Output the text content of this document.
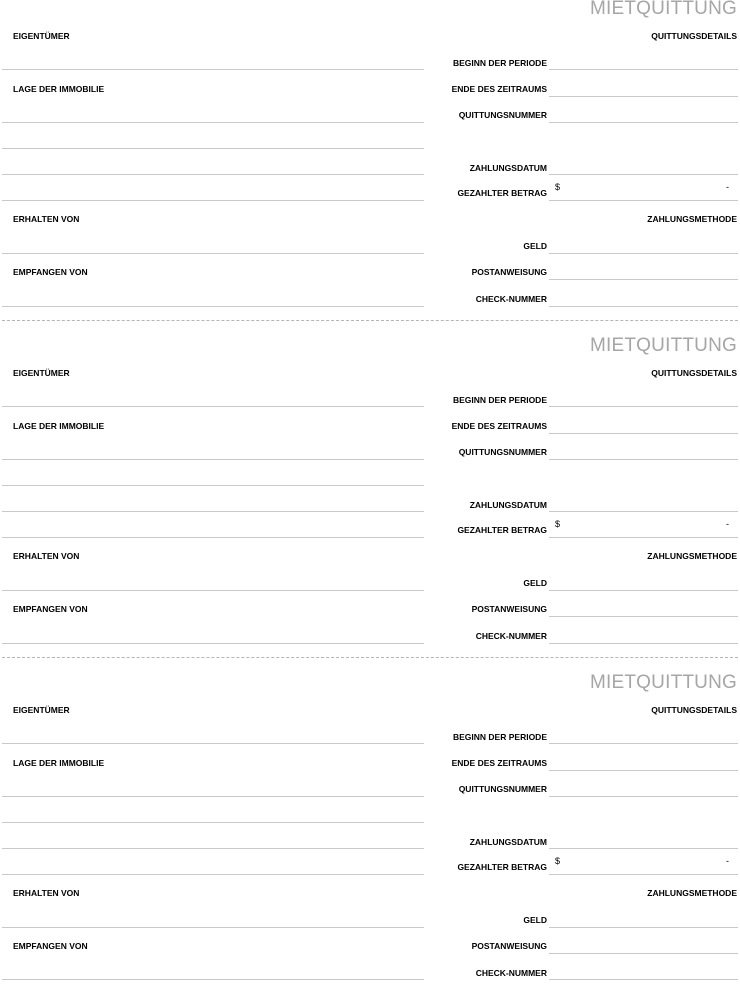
MIETQUITTUNG
EIGENTÜMER
LAGE DER IMMOBILIE
ERHALTEN VON
EMPFANGEN VON
QUITTUNGSDETAILS
BEGINN DER PERIODE
ENDE DES ZEITRAUMS
QUITTUNGSNUMMER
ZAHLUNGSDATUM
GEZAHLTER BETRAG
$	-
ZAHLUNGSMETHODE
GELD
POSTANWEISUNG
CHECK-NUMMER
MIETQUITTUNG
EIGENTÜMER
LAGE DER IMMOBILIE
ERHALTEN VON
EMPFANGEN VON
QUITTUNGSDETAILS
BEGINN DER PERIODE
ENDE DES ZEITRAUMS
QUITTUNGSNUMMER
ZAHLUNGSDATUM
GEZAHLTER BETRAG
$	-
ZAHLUNGSMETHODE
GELD
POSTANWEISUNG
CHECK-NUMMER
MIETQUITTUNG
EIGENTÜMER
LAGE DER IMMOBILIE
ERHALTEN VON
EMPFANGEN VON
QUITTUNGSDETAILS
BEGINN DER PERIODE
ENDE DES ZEITRAUMS
QUITTUNGSNUMMER
ZAHLUNGSDATUM
GEZAHLTER BETRAG
$	-
ZAHLUNGSMETHODE
GELD
POSTANWEISUNG
CHECK-NUMMER
